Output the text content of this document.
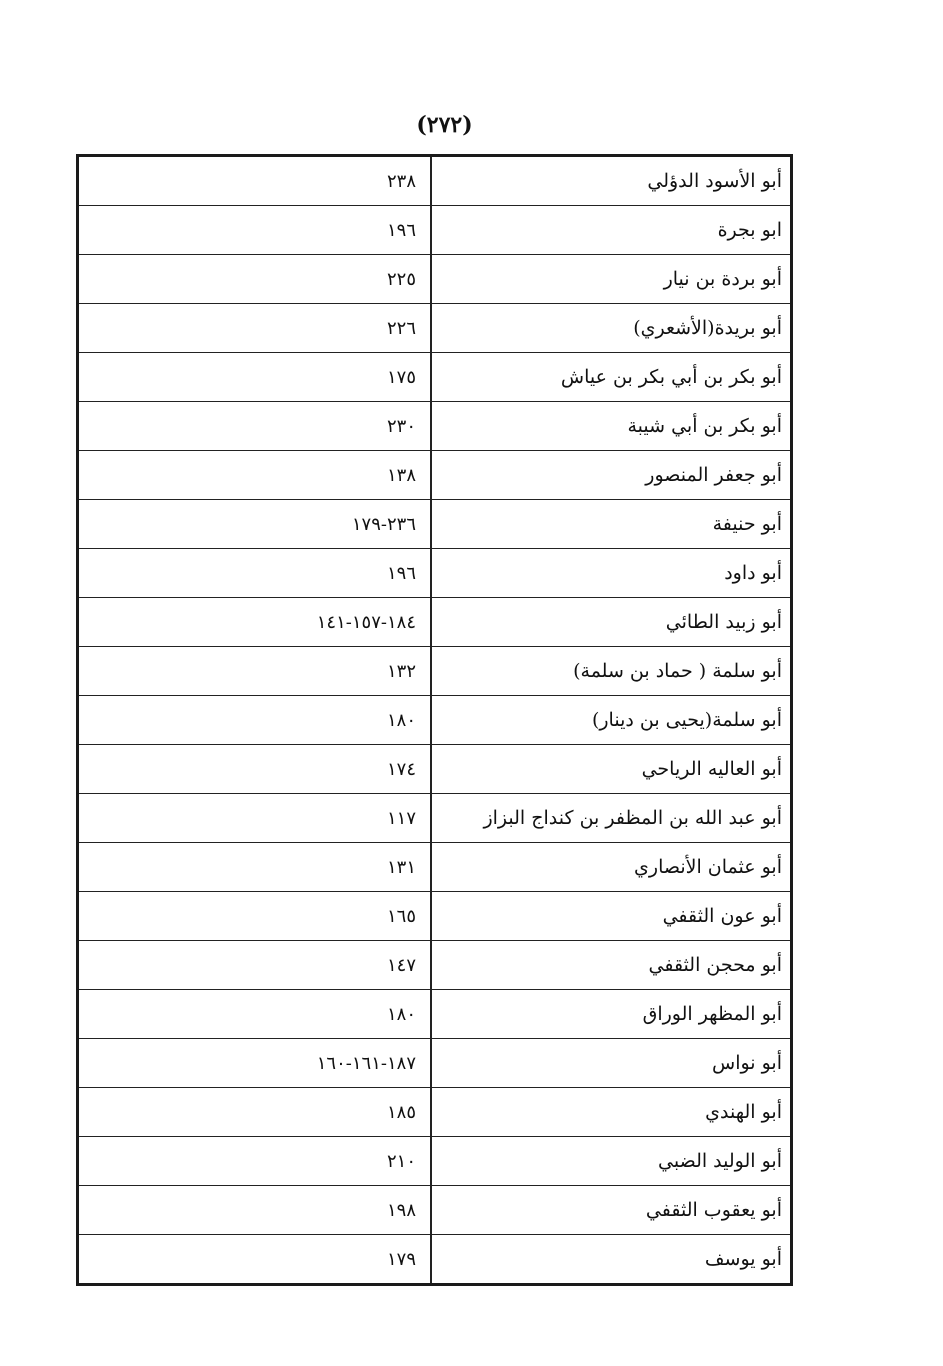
(٢٧٢)
أبو الأسود الدؤلي	٢٣٨
ابو بجرة	١٩٦
أبو بردة بن نيار	٢٢٥
أبو بريدة(الأشعري)	٢٢٦
أبو بكر بن أبي بكر بن عياش	١٧٥
أبو بكر بن أبي شيبة	٢٣٠
أبو جعفر المنصور	١٣٨
أبو حنيفة	٢٣٦-١٧٩
أبو داود	١٩٦
أبو زبيد الطائي	١٨٤-١٥٧-١٤١
أبو سلمة ( حماد بن سلمة)	١٣٢
أبو سلمة(يحيى بن دينار)	١٨٠
أبو العاليه الرياحي	١٧٤
أبو عبد الله بن المظفر بن كنداج البزاز	١١٧
أبو عثمان الأنصاري	١٣١
أبو عون الثقفي	١٦٥
أبو محجن الثقفي	١٤٧
أبو المظهر الوراق	١٨٠
أبو نواس	١٨٧-١٦١-١٦٠
أبو الهندي	١٨٥
أبو الوليد الضبي	٢١٠
أبو يعقوب الثقفي	١٩٨
أبو يوسف	١٧٩
